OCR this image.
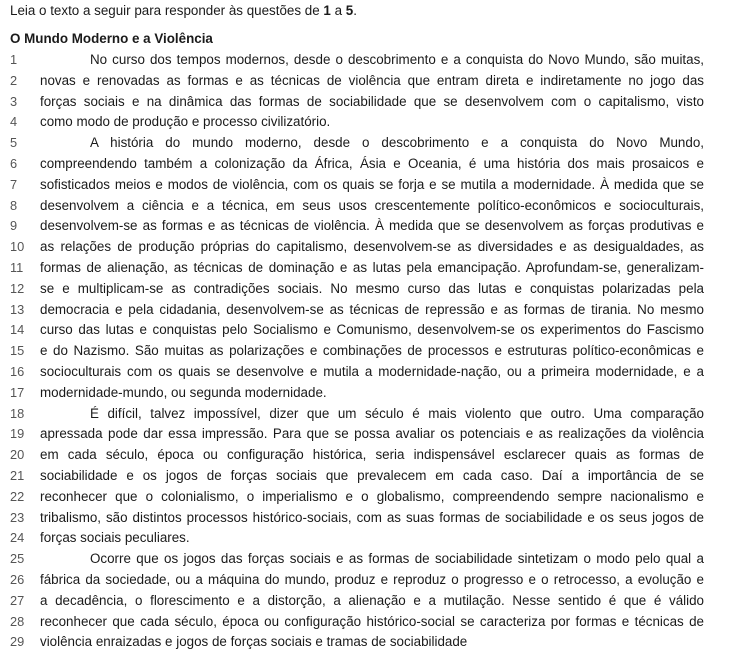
Leia o texto a seguir para responder às questões de 1 a 5.
O Mundo Moderno e a Violência
1	No curso dos tempos modernos, desde o descobrimento e a conquista do Novo Mundo, são muitas,
2	novas e renovadas as formas e as técnicas de violência que entram direta e indiretamente no jogo das
3	forças sociais e na dinâmica das formas de sociabilidade que se desenvolvem com o capitalismo, visto
4	como modo de produção e processo civilizatório.
5	A história do mundo moderno, desde o descobrimento e a conquista do Novo Mundo,
6	compreendendo também a colonização da África, Ásia e Oceania, é uma história dos mais prosaicos e
7	sofisticados meios e modos de violência, com os quais se forja e se mutila a modernidade. À medida que se
8	desenvolvem a ciência e a técnica, em seus usos crescentemente político-econômicos e socioculturais,
9	desenvolvem-se as formas e as técnicas de violência. À medida que se desenvolvem as forças produtivas e
10	as relações de produção próprias do capitalismo, desenvolvem-se as diversidades e as desigualdades, as
11	formas de alienação, as técnicas de dominação e as lutas pela emancipação. Aprofundam-se, generalizam-
12	se e multiplicam-se as contradições sociais. No mesmo curso das lutas e conquistas polarizadas pela
13	democracia e pela cidadania, desenvolvem-se as técnicas de repressão e as formas de tirania. No mesmo
14	curso das lutas e conquistas pelo Socialismo e Comunismo, desenvolvem-se os experimentos do Fascismo
15	e do Nazismo. São muitas as polarizações e combinações de processos e estruturas político-econômicas e
16	socioculturais com os quais se desenvolve e mutila a modernidade-nação, ou a primeira modernidade, e a
17	modernidade-mundo, ou segunda modernidade.
18	É difícil, talvez impossível, dizer que um século é mais violento que outro. Uma comparação
19	apressada pode dar essa impressão. Para que se possa avaliar os potenciais e as realizações da violência
20	em cada século, época ou configuração histórica, seria indispensável esclarecer quais as formas de
21	sociabilidade e os jogos de forças sociais que prevalecem em cada caso. Daí a importância de se
22	reconhecer que o colonialismo, o imperialismo e o globalismo, compreendendo sempre nacionalismo e
23	tribalismo, são distintos processos histórico-sociais, com as suas formas de sociabilidade e os seus jogos de
24	forças sociais peculiares.
25	Ocorre que os jogos das forças sociais e as formas de sociabilidade sintetizam o modo pelo qual a
26	fábrica da sociedade, ou a máquina do mundo, produz e reproduz o progresso e o retrocesso, a evolução e
27	a decadência, o florescimento e a distorção, a alienação e a mutilação. Nesse sentido é que é válido
28	reconhecer que cada século, época ou configuração histórico-social se caracteriza por formas e técnicas de
29	violência enraizadas e jogos de forças sociais e tramas de sociabilidade
